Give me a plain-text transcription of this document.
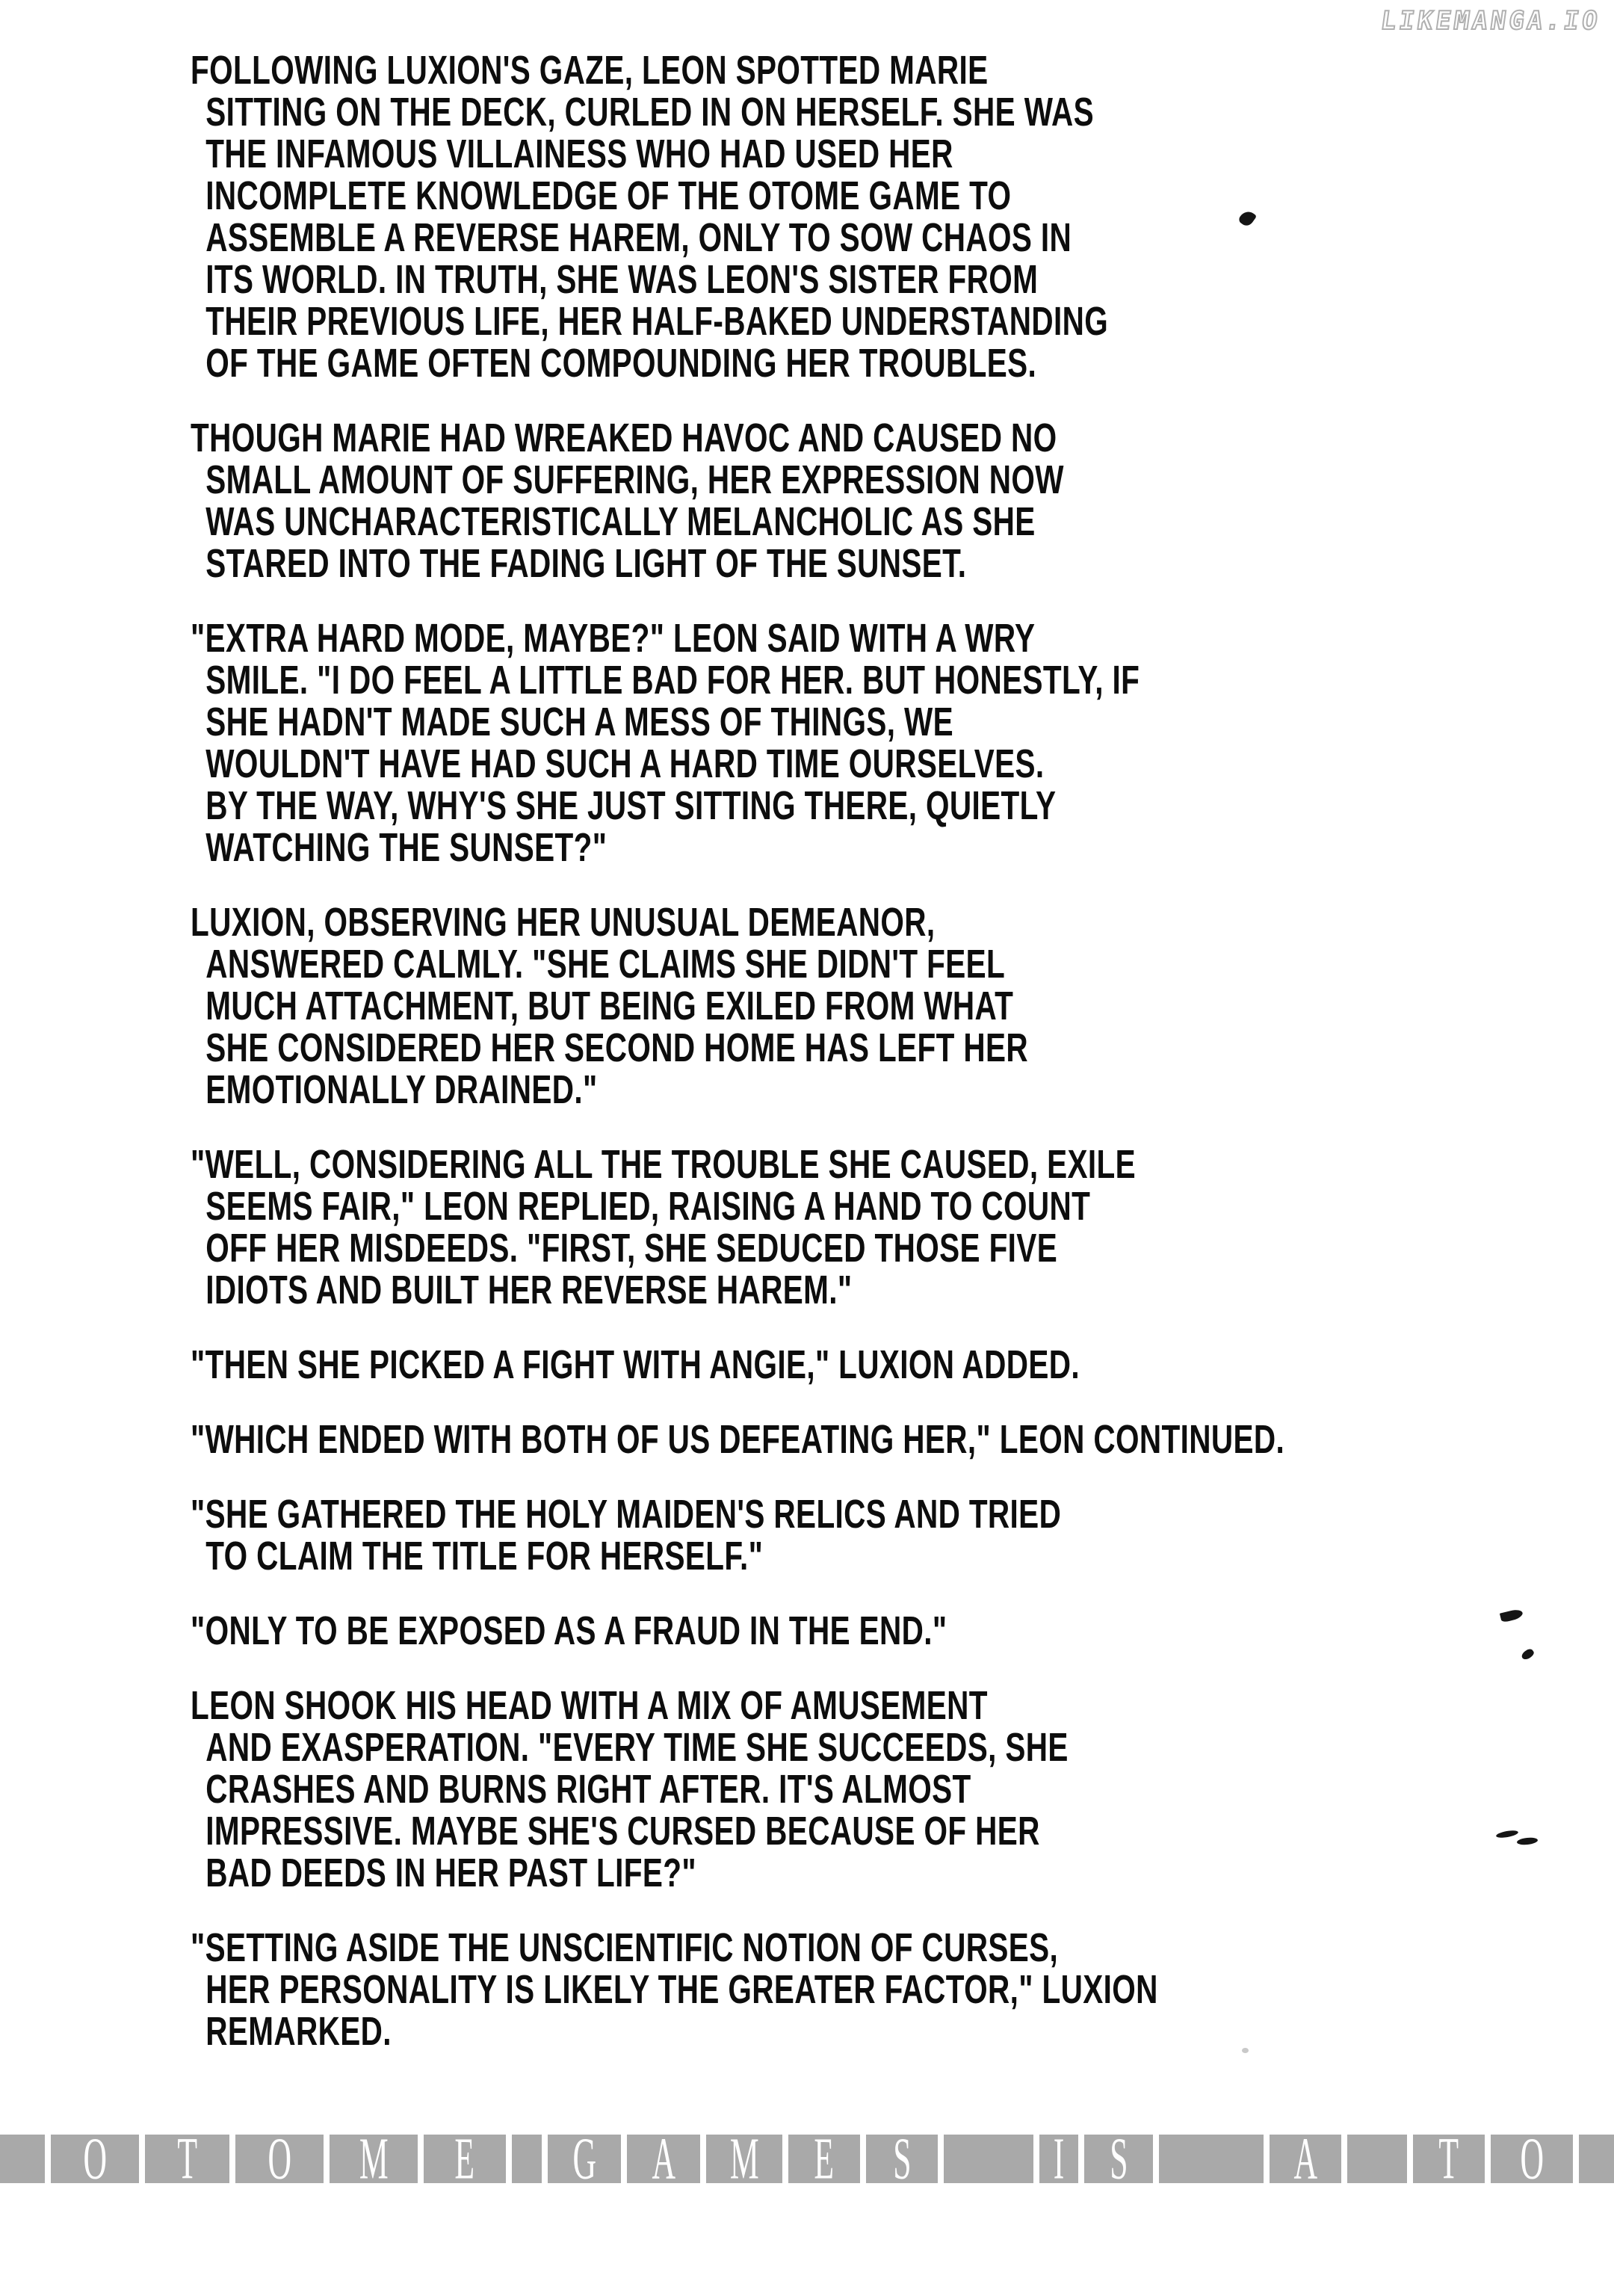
LIKEMANGA.IO
FOLLOWING LUXION'S GAZE, LEON SPOTTED MARIE
SITTING ON THE DECK, CURLED IN ON HERSELF. SHE WAS
THE INFAMOUS VILLAINESS WHO HAD USED HER
INCOMPLETE KNOWLEDGE OF THE OTOME GAME TO
ASSEMBLE A REVERSE HAREM, ONLY TO SOW CHAOS IN
ITS WORLD. IN TRUTH, SHE WAS LEON'S SISTER FROM
THEIR PREVIOUS LIFE, HER HALF-BAKED UNDERSTANDING
OF THE GAME OFTEN COMPOUNDING HER TROUBLES.
THOUGH MARIE HAD WREAKED HAVOC AND CAUSED NO
SMALL AMOUNT OF SUFFERING, HER EXPRESSION NOW
WAS UNCHARACTERISTICALLY MELANCHOLIC AS SHE
STARED INTO THE FADING LIGHT OF THE SUNSET.
"EXTRA HARD MODE, MAYBE?" LEON SAID WITH A WRY
SMILE. "I DO FEEL A LITTLE BAD FOR HER. BUT HONESTLY, IF
SHE HADN'T MADE SUCH A MESS OF THINGS, WE
WOULDN'T HAVE HAD SUCH A HARD TIME OURSELVES.
BY THE WAY, WHY'S SHE JUST SITTING THERE, QUIETLY
WATCHING THE SUNSET?"
LUXION, OBSERVING HER UNUSUAL DEMEANOR,
ANSWERED CALMLY. "SHE CLAIMS SHE DIDN'T FEEL
MUCH ATTACHMENT, BUT BEING EXILED FROM WHAT
SHE CONSIDERED HER SECOND HOME HAS LEFT HER
EMOTIONALLY DRAINED."
"WELL, CONSIDERING ALL THE TROUBLE SHE CAUSED, EXILE
SEEMS FAIR," LEON REPLIED, RAISING A HAND TO COUNT
OFF HER MISDEEDS. "FIRST, SHE SEDUCED THOSE FIVE
IDIOTS AND BUILT HER REVERSE HAREM."
"THEN SHE PICKED A FIGHT WITH ANGIE," LUXION ADDED.
"WHICH ENDED WITH BOTH OF US DEFEATING HER," LEON CONTINUED.
"SHE GATHERED THE HOLY MAIDEN'S RELICS AND TRIED
TO CLAIM THE TITLE FOR HERSELF."
"ONLY TO BE EXPOSED AS A FRAUD IN THE END."
LEON SHOOK HIS HEAD WITH A MIX OF AMUSEMENT
AND EXASPERATION. "EVERY TIME SHE SUCCEEDS, SHE
CRASHES AND BURNS RIGHT AFTER. IT'S ALMOST
IMPRESSIVE. MAYBE SHE'S CURSED BECAUSE OF HER
BAD DEEDS IN HER PAST LIFE?"
"SETTING ASIDE THE UNSCIENTIFIC NOTION OF CURSES,
HER PERSONALITY IS LIKELY THE GREATER FACTOR," LUXION
REMARKED.
O T O M E G A M E S I S	A T O
